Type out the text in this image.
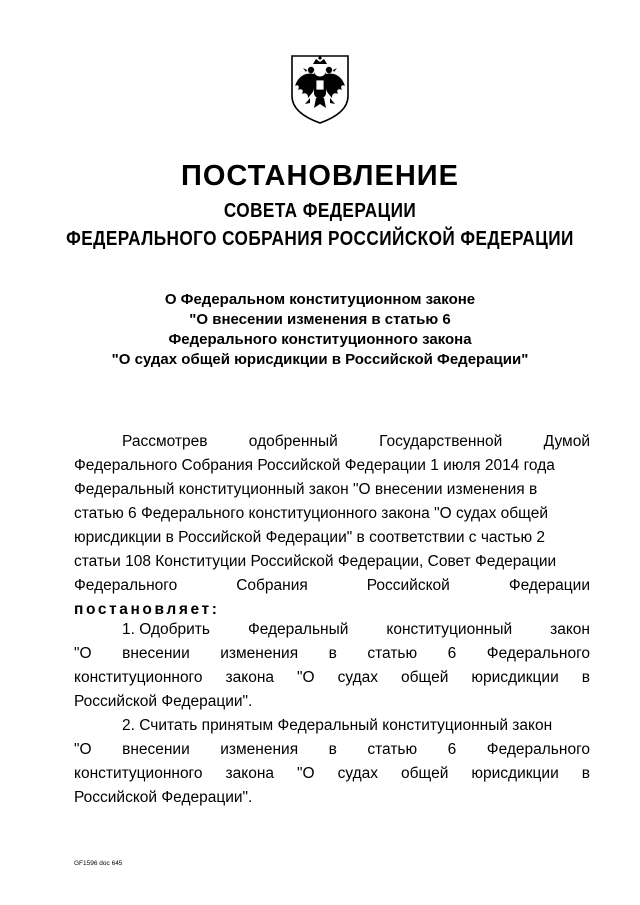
ПОСТАНОВЛЕНИЕ
СОВЕТА ФЕДЕРАЦИИ
ФЕДЕРАЛЬНОГО СОБРАНИЯ РОССИЙСКОЙ ФЕДЕРАЦИИ
О Федеральном конституционном законе
"О внесении изменения в статью 6
Федерального конституционного закона
"О судах общей юрисдикции в Российской Федерации"
Рассмотрев	одобренный	Государственной	Думой
Федерального Собрания Российской Федерации 1 июля 2014 года
Федеральный конституционный закон "О внесении изменения в
статью 6 Федерального конституционного закона "О судах общей
юрисдикции в Российской Федерации" в соответствии с частью 2
статьи 108 Конституции Российской Федерации, Совет Федерации
Федерального	Собрания	Российской	Федерации
постановляет:
1. Одобрить Федеральный конституционный закон
"О внесении изменения в статью 6 Федерального
конституционного закона "О судах общей юрисдикции в
Российской Федерации".
2. Считать принятым Федеральный конституционный закон
"О внесении изменения в статью 6 Федерального
конституционного закона "О судах общей юрисдикции в
Российской Федерации".
GF1596 doc 645
